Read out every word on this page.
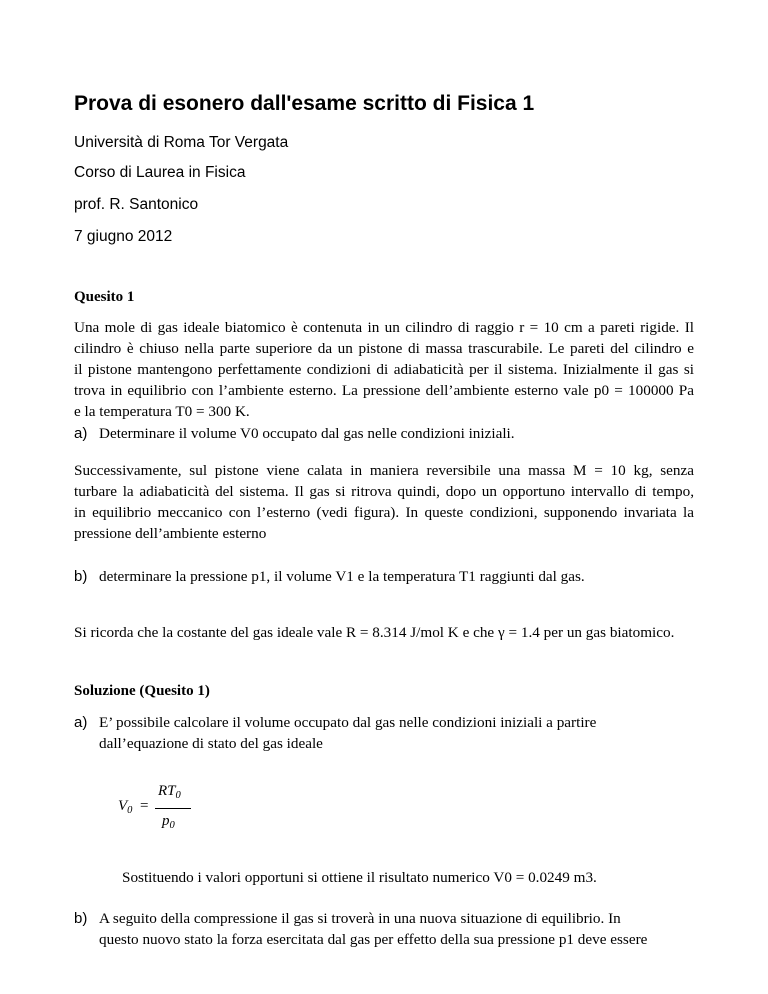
Prova di esonero dall'esame scritto di Fisica 1
Università di Roma Tor Vergata
Corso di Laurea in Fisica
prof. R. Santonico
7 giugno 2012
Quesito 1
Una mole di gas ideale biatomico è contenuta in un cilindro di raggio r = 10 cm a pareti rigide. Il
cilindro è chiuso nella parte superiore da un pistone di massa trascurabile. Le pareti del cilindro e
il pistone mantengono perfettamente condizioni di adiabaticità per il sistema. Inizialmente il gas si
trova in equilibrio con l’ambiente esterno. La pressione dell’ambiente esterno vale p0 = 100000 Pa
e la temperatura T0 = 300 K.
a) Determinare il volume V0 occupato dal gas nelle condizioni iniziali.
Successivamente, sul pistone viene calata in maniera reversibile una massa M = 10 kg, senza
turbare la adiabaticità del sistema. Il gas si ritrova quindi, dopo un opportuno intervallo di tempo,
in equilibrio meccanico con l’esterno (vedi figura). In queste condizioni, supponendo invariata la
pressione dell’ambiente esterno
b) determinare la pressione p1, il volume V1 e la temperatura T1 raggiunti dal gas.
Si ricorda che la costante del gas ideale vale R = 8.314 J/mol K e che γ = 1.4 per un gas biatomico.
Soluzione (Quesito 1)
a) E’ possibile calcolare il volume occupato dal gas nelle condizioni iniziali a partire
dall’equazione di stato del gas ideale
$V_0$ =
$RT_0$
$p_0$
Sostituendo i valori opportuni si ottiene il risultato numerico V0 = 0.0249 m3.
b) A seguito della compressione il gas si troverà in una nuova situazione di equilibrio. In
questo nuovo stato la forza esercitata dal gas per effetto della sua pressione p1 deve essere
